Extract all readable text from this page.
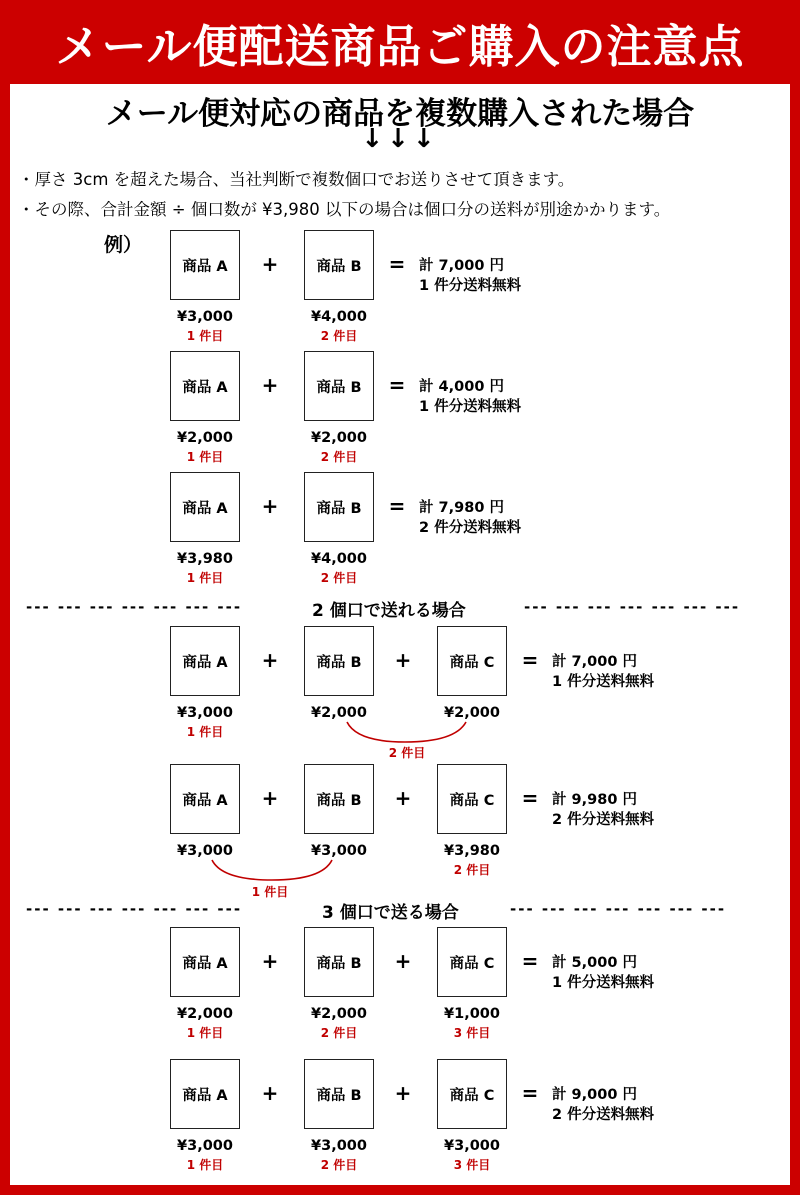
メール便配送商品ご購入の注意点
メール便対応の商品を複数購入された場合
↓↓↓
・厚さ 3cm を超えた場合、当社判断で複数個口でお送りさせて頂きます。
・その際、合計金額 ÷ 個口数が ¥3,980 以下の場合は個口分の送料が別途かかります。
例）
--- --- --- --- --- --- ---	2 個口で送れる場合	--- --- --- --- --- --- ---
--- --- --- --- --- --- ---	3 個口で送る場合	--- --- --- --- --- --- ---
2 件目
1 件目
商品 A
¥3,000
1 件目
+	商品 B
¥4,000
2 件目
= 計 7,000 円
1 件分送料無料
商品 A
¥2,000
1 件目
+	商品 B
¥2,000
2 件目
= 計 4,000 円
1 件分送料無料
商品 A
¥3,980
1 件目
+	商品 B
¥4,000
2 件目
= 計 7,980 円
2 件分送料無料
商品 A
¥3,000
1 件目
+	商品 B
¥2,000
+	商品 C
¥2,000
= 計 7,000 円
1 件分送料無料
商品 A
¥3,000
+	商品 B
¥3,000
+	商品 C
¥3,980
2 件目
= 計 9,980 円
2 件分送料無料
商品 A
¥2,000
1 件目
+	商品 B
¥2,000
2 件目
+	商品 C
¥1,000
3 件目
= 計 5,000 円
1 件分送料無料
商品 A
¥3,000
1 件目
+	商品 B
¥3,000
2 件目
+	商品 C
¥3,000
3 件目
= 計 9,000 円
2 件分送料無料
